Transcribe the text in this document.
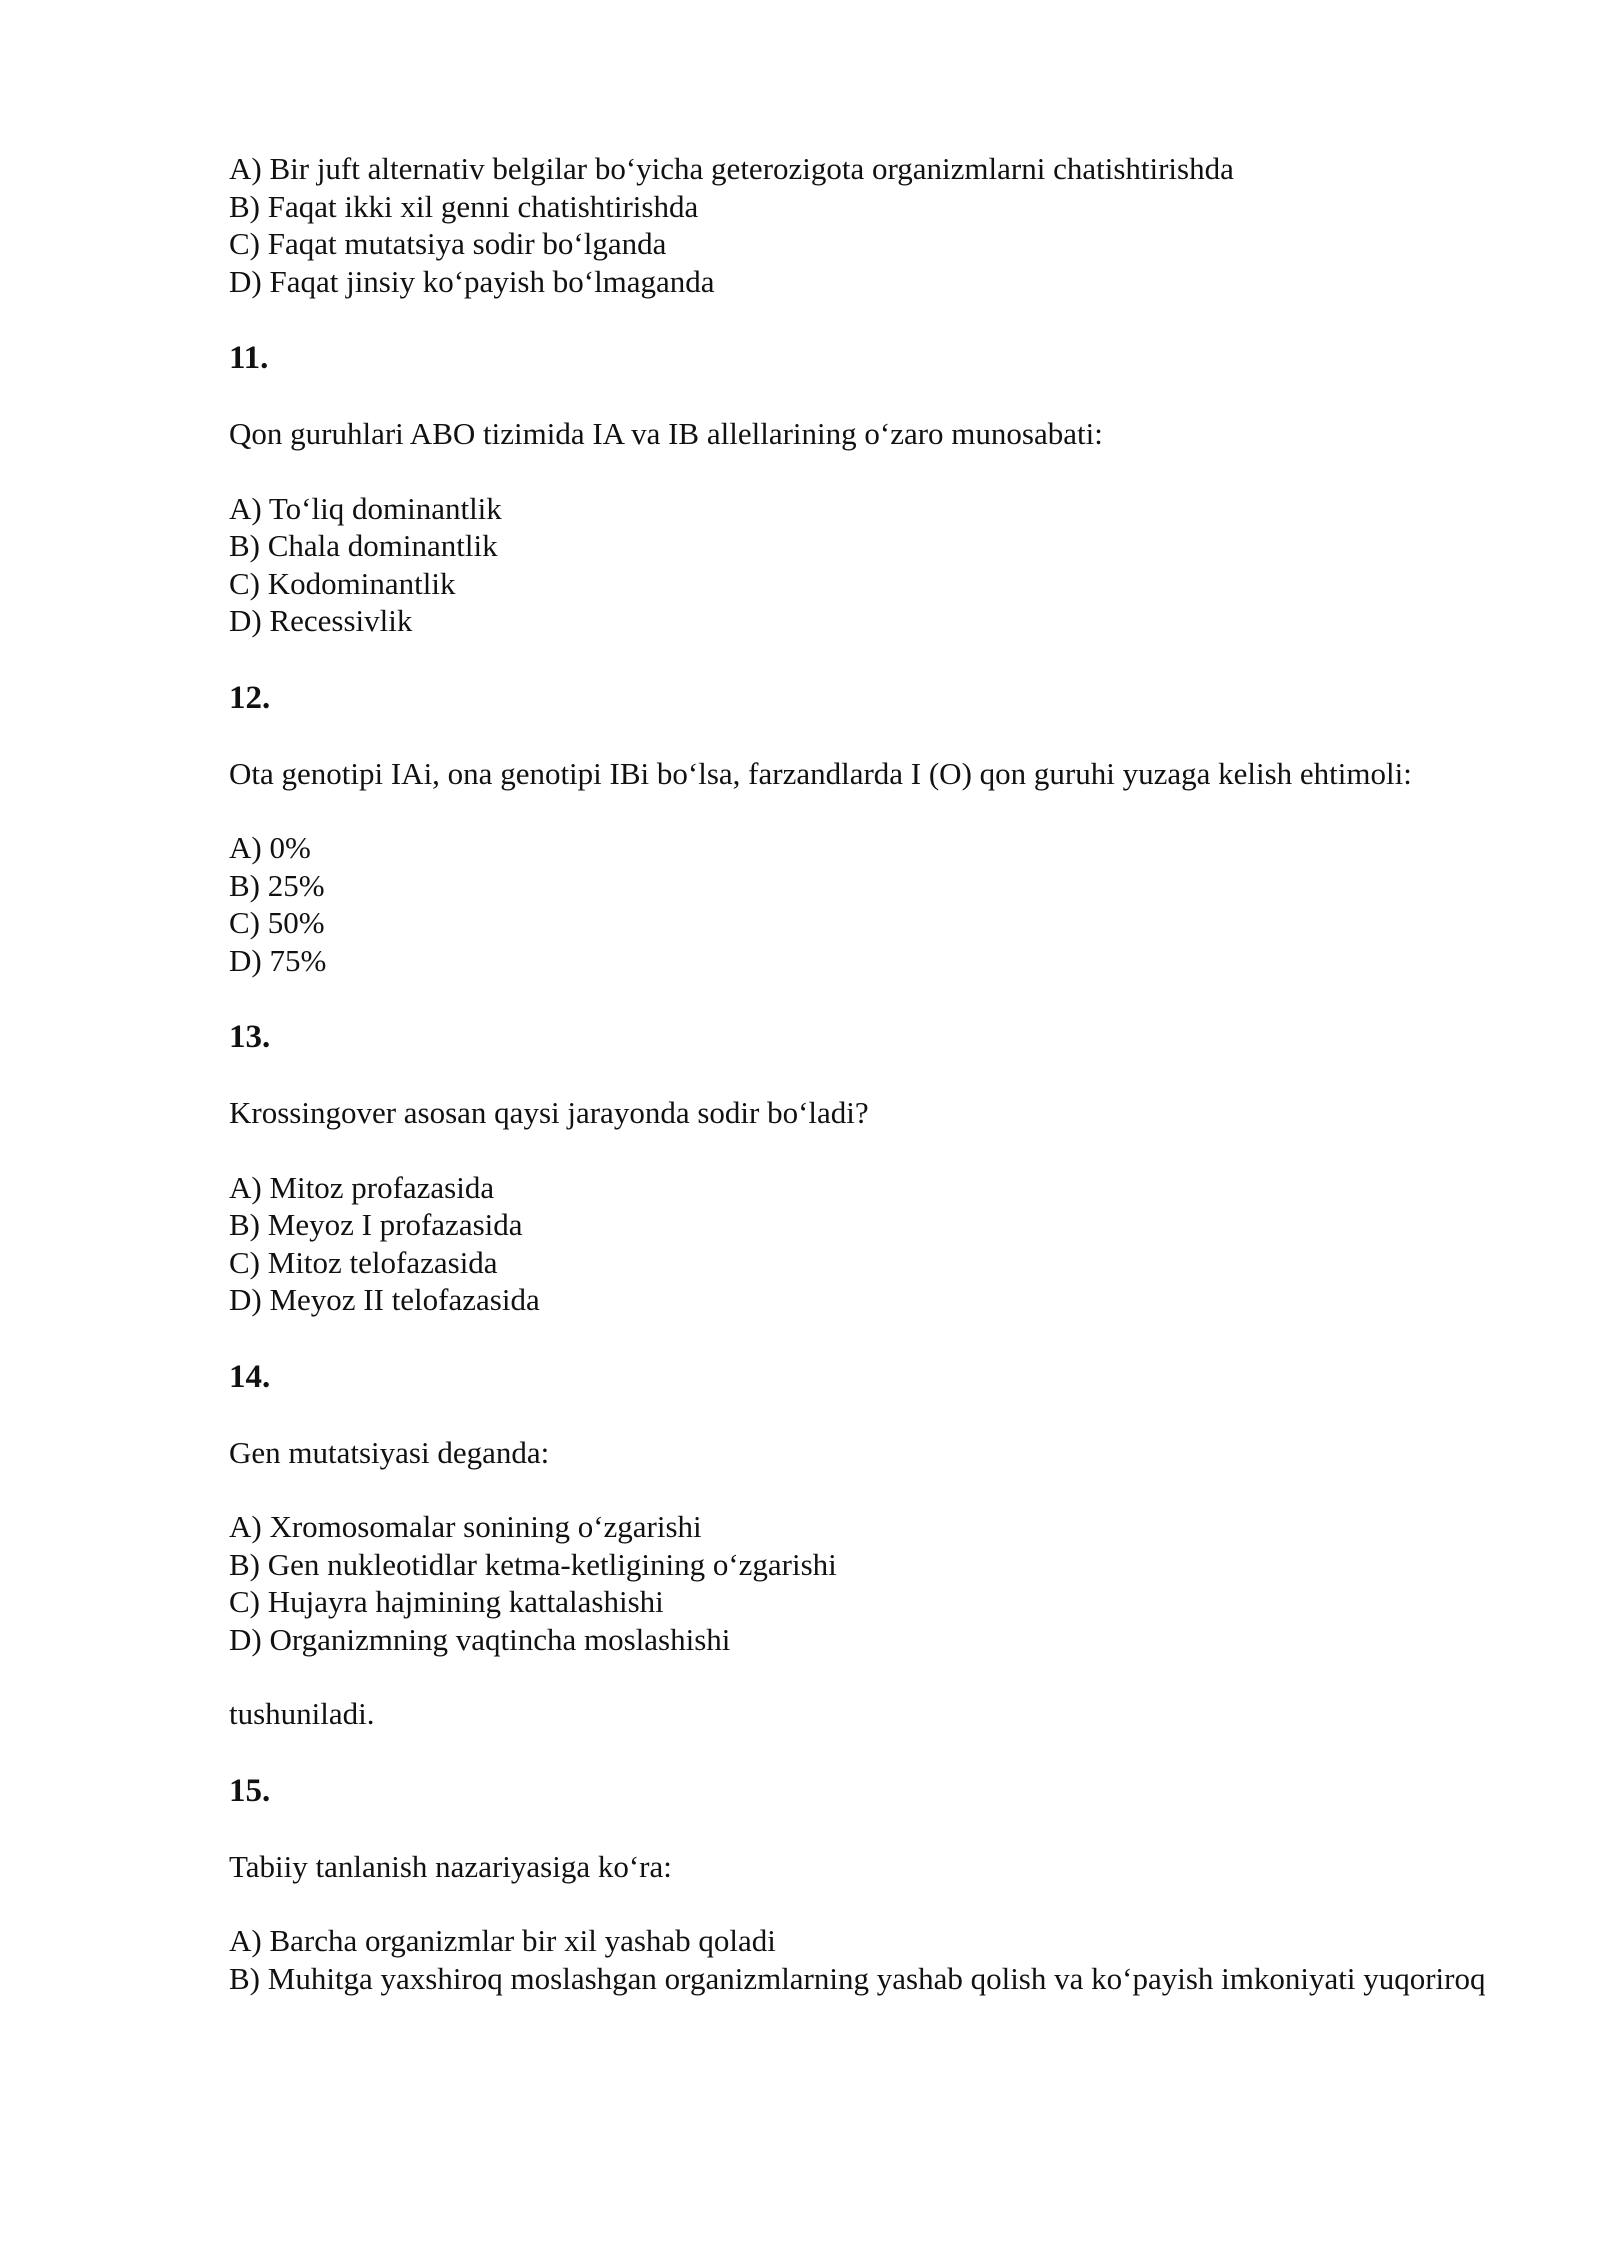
A) Bir juft alternativ belgilar bo‘yicha geterozigota organizmlarni chatishtirishda
B) Faqat ikki xil genni chatishtirishda
C) Faqat mutatsiya sodir bo‘lganda
D) Faqat jinsiy ko‘payish bo‘lmaganda
11.
Qon guruhlari ABO tizimida IA va IB allellarining o‘zaro munosabati:
A) To‘liq dominantlik
B) Chala dominantlik
C) Kodominantlik
D) Recessivlik
12.
Ota genotipi IAi, ona genotipi IBi bo‘lsa, farzandlarda I (O) qon guruhi yuzaga kelish ehtimoli:
A) 0%
B) 25%
C) 50%
D) 75%
13.
Krossingover asosan qaysi jarayonda sodir bo‘ladi?
A) Mitoz profazasida
B) Meyoz I profazasida
C) Mitoz telofazasida
D) Meyoz II telofazasida
14.
Gen mutatsiyasi deganda:
A) Xromosomalar sonining o‘zgarishi
B) Gen nukleotidlar ketma-ketligining o‘zgarishi
C) Hujayra hajmining kattalashishi
D) Organizmning vaqtincha moslashishi
tushuniladi.
15.
Tabiiy tanlanish nazariyasiga ko‘ra:
A) Barcha organizmlar bir xil yashab qoladi
B) Muhitga yaxshiroq moslashgan organizmlarning yashab qolish va ko‘payish imkoniyati yuqoriroq
